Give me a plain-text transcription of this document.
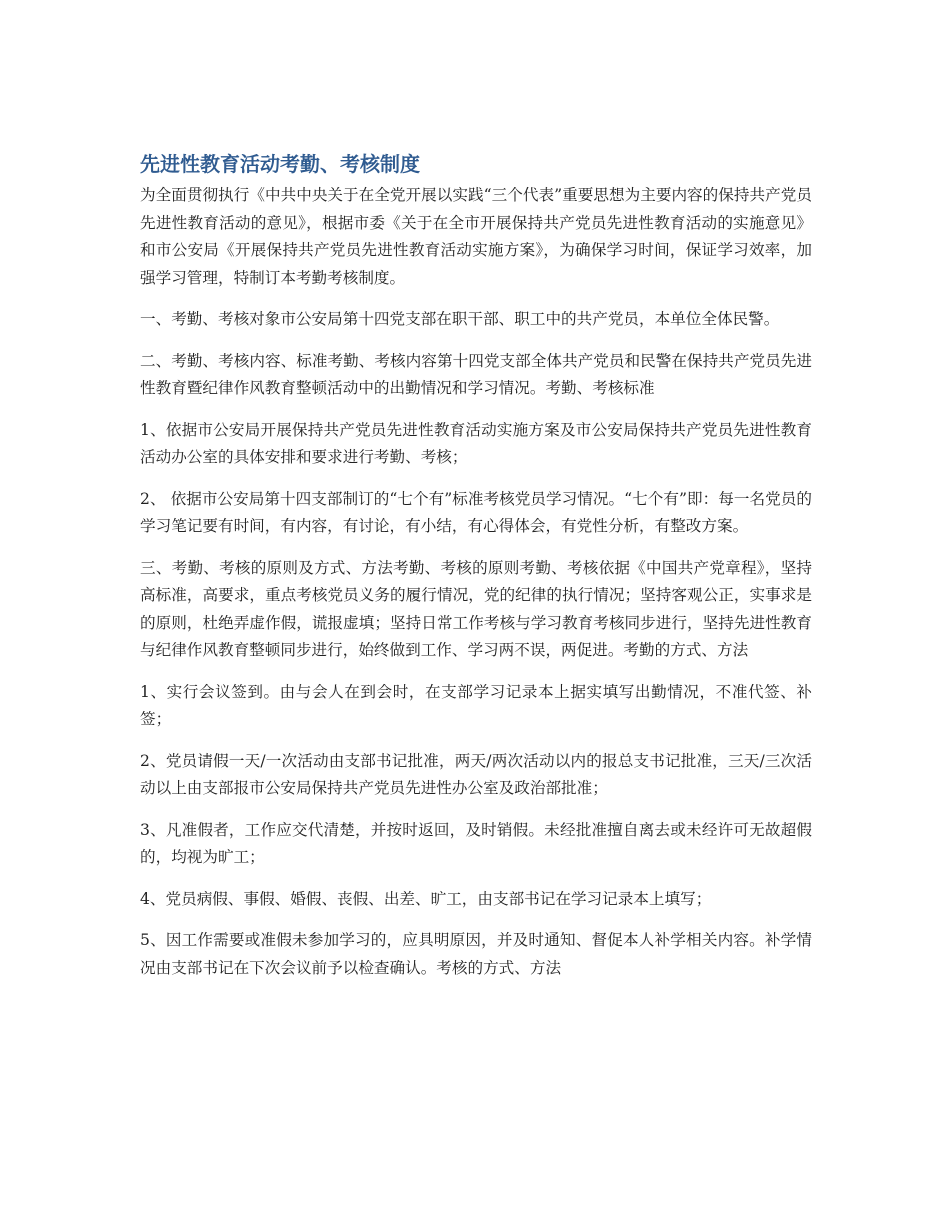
先进性教育活动考勤、考核制度

为全面贯彻执行《中共中央关于在全党开展以实践“三个代表”重要思想为主要内容的保持共产党员先进性教育活动的意见》，根据市委《关于在全市开展保持共产党员先进性教育活动的实施意见》和市公安局《开展保持共产党员先进性教育活动实施方案》，为确保学习时间，保证学习效率，加强学习管理，特制订本考勤考核制度。

一、考勤、考核对象市公安局第十四党支部在职干部、职工中的共产党员，本单位全体民警。

二、考勤、考核内容、标准考勤、考核内容第十四党支部全体共产党员和民警在保持共产党员先进性教育暨纪律作风教育整顿活动中的出勤情况和学习情况。考勤、考核标准

1、依据市公安局开展保持共产党员先进性教育活动实施方案及市公安局保持共产党员先进性教育活动办公室的具体安排和要求进行考勤、考核；

2、 依据市公安局第十四支部制订的“七个有”标准考核党员学习情况。“七个有”即：每一名党员的学习笔记要有时间，有内容，有讨论，有小结，有心得体会，有党性分析，有整改方案。

三、考勤、考核的原则及方式、方法考勤、考核的原则考勤、考核依据《中国共产党章程》，坚持高标准，高要求，重点考核党员义务的履行情况，党的纪律的执行情况；坚持客观公正，实事求是的原则，杜绝弄虚作假，谎报虚填；坚持日常工作考核与学习教育考核同步进行，坚持先进性教育与纪律作风教育整顿同步进行，始终做到工作、学习两不误，两促进。考勤的方式、方法

1、实行会议签到。由与会人在到会时，在支部学习记录本上据实填写出勤情况，不准代签、补签；

2、党员请假一天/一次活动由支部书记批准，两天/两次活动以内的报总支书记批准，三天/三次活动以上由支部报市公安局保持共产党员先进性办公室及政治部批准；

3、凡准假者，工作应交代清楚，并按时返回，及时销假。未经批准擅自离去或未经许可无故超假的，均视为旷工；

4、党员病假、事假、婚假、丧假、出差、旷工，由支部书记在学习记录本上填写；

5、因工作需要或准假未参加学习的，应具明原因，并及时通知、督促本人补学相关内容。补学情况由支部书记在下次会议前予以检查确认。考核的方式、方法
